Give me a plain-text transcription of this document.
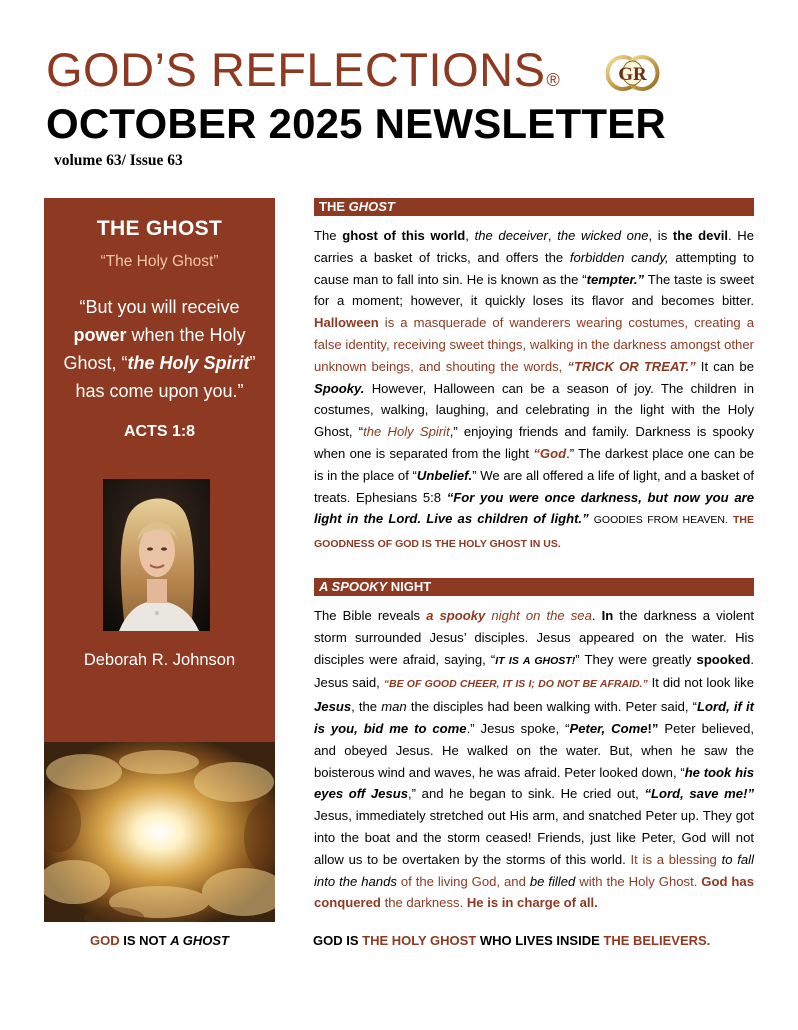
GOD’S REFLECTIONS®	GR
OCTOBER 2025 NEWSLETTER
volume 63/ Issue 63
THE GHOST
“The Holy Ghost”
“But you will receive power when the Holy Ghost, “the Holy Spirit” has come upon you.”
ACTS 1:8
Deborah R. Johnson
GOD IS NOT A GHOST
THE GHOST
The ghost of this world, the deceiver, the wicked one, is the devil. He carries a basket of tricks, and offers the forbidden candy, attempting to cause man to fall into sin. He is known as the “tempter.” The taste is sweet for a moment; however, it quickly loses its flavor and becomes bitter. Halloween is a masquerade of wanderers wearing costumes, creating a false identity, receiving sweet things, walking in the darkness amongst other unknown beings, and shouting the words, “TRICK OR TREAT.” It can be Spooky. However, Halloween can be a season of joy. The children in costumes, walking, laughing, and celebrating in the light with the Holy Ghost, “the Holy Spirit,” enjoying friends and family. Darkness is spooky when one is separated from the light “God.” The darkest place one can be is in the place of “Unbelief.” We are all offered a life of light, and a basket of treats. Ephesians 5:8 “For you were once darkness, but now you are light in the Lord. Live as children of light.” GOODIES FROM HEAVEN. THE GOODNESS OF GOD IS THE HOLY GHOST IN US.
A SPOOKY NIGHT
The Bible reveals a spooky night on the sea. In the darkness a violent storm surrounded Jesus’ disciples. Jesus appeared on the water. His disciples were afraid, saying, “IT IS A GHOST!” They were greatly spooked. Jesus said, “BE OF GOOD CHEER, IT IS I; DO NOT BE AFRAID.” It did not look like Jesus, the man the disciples had been walking with. Peter said, “Lord, if it is you, bid me to come.” Jesus spoke, “Peter, Come!” Peter believed, and obeyed Jesus. He walked on the water. But, when he saw the boisterous wind and waves, he was afraid. Peter looked down, “he took his eyes off Jesus,” and he began to sink. He cried out, “Lord, save me!” Jesus, immediately stretched out His arm, and snatched Peter up. They got into the boat and the storm ceased! Friends, just like Peter, God will not allow us to be overtaken by the storms of this world. It is a blessing to fall into the hands of the living God, and be filled with the Holy Ghost. God has conquered the darkness. He is in charge of all.
GOD IS THE HOLY GHOST WHO LIVES INSIDE THE BELIEVERS.
